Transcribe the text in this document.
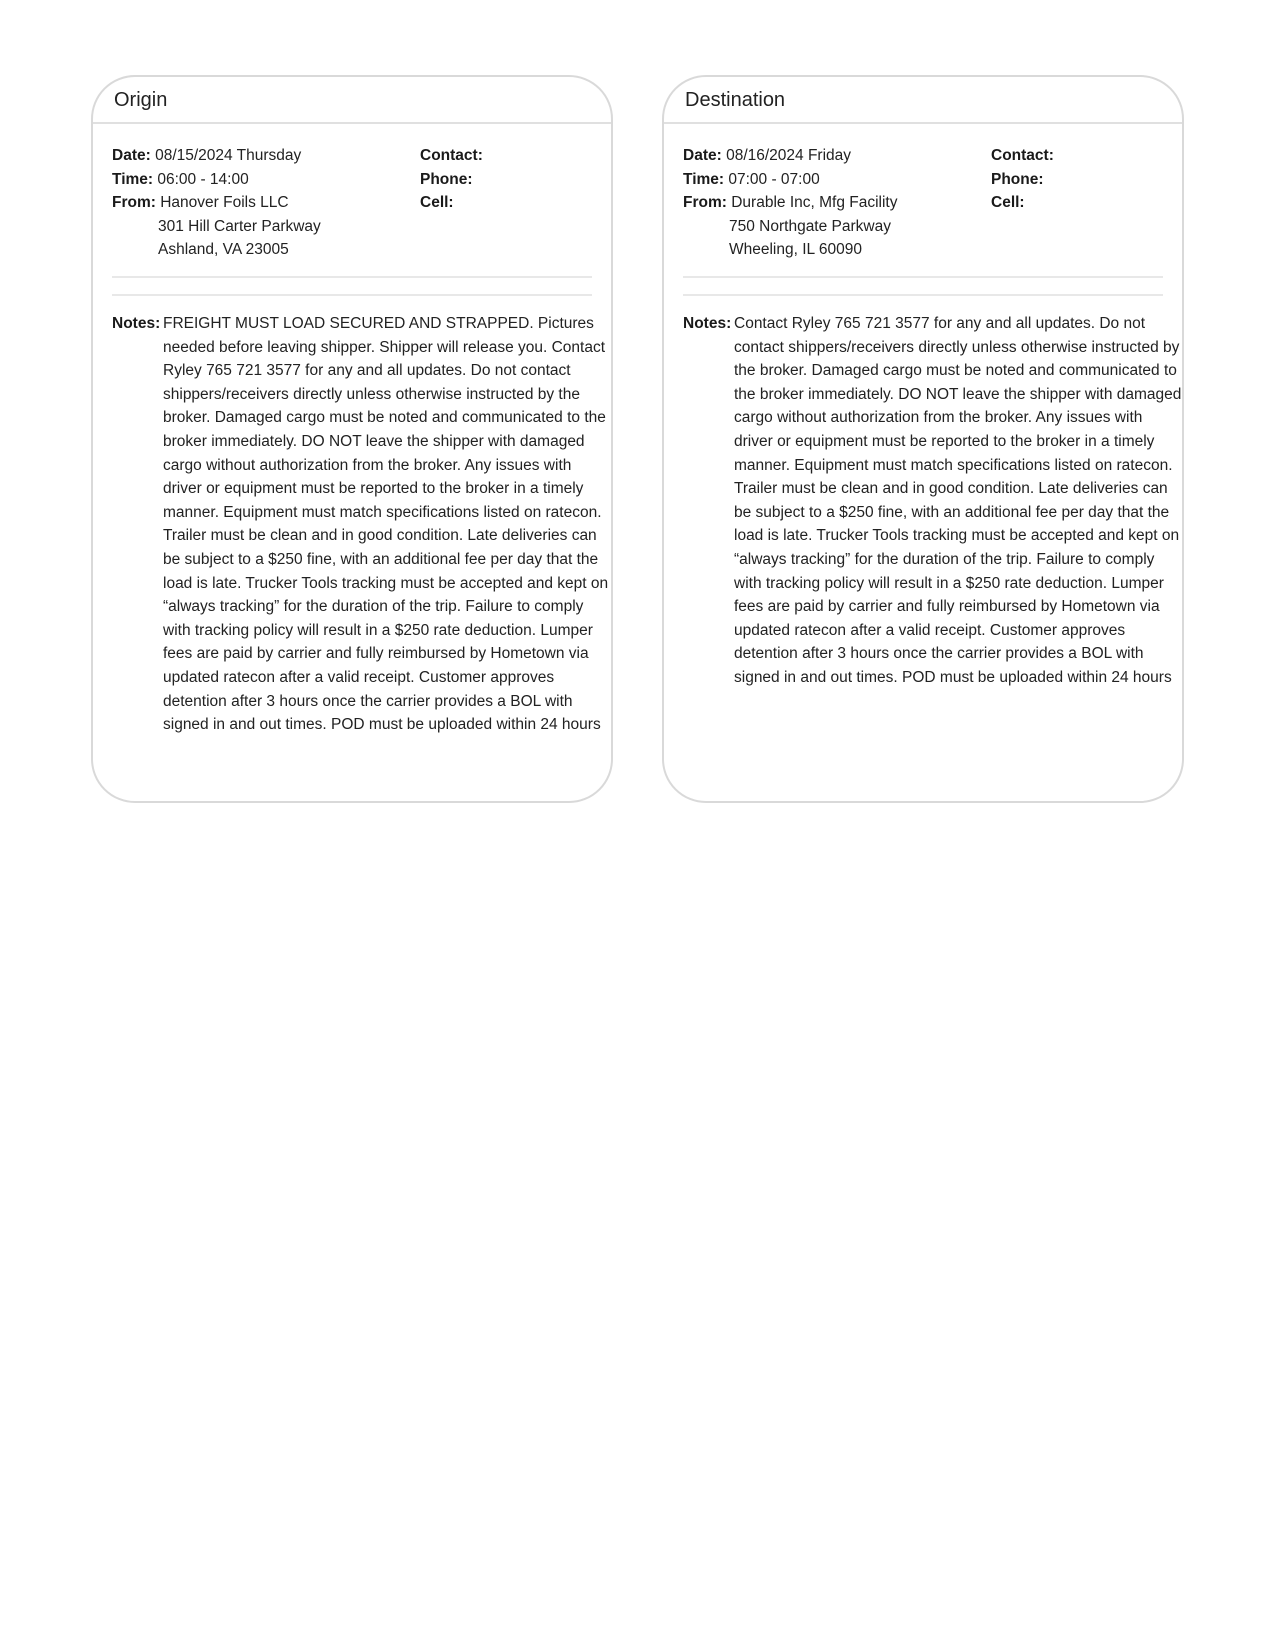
Origin
Date: 08/15/2024 Thursday
Time: 06:00 - 14:00
From: Hanover Foils LLC
301 Hill Carter Parkway
Ashland, VA 23005
Contact:
Phone:
Cell:
Notes: FREIGHT MUST LOAD SECURED AND STRAPPED. Pictures needed before leaving shipper. Shipper will release you. Contact Ryley 765 721 3577 for any and all updates. Do not contact shippers/receivers directly unless otherwise instructed by the broker. Damaged cargo must be noted and communicated to the broker immediately. DO NOT leave the shipper with damaged cargo without authorization from the broker. Any issues with driver or equipment must be reported to the broker in a timely manner. Equipment must match specifications listed on ratecon. Trailer must be clean and in good condition. Late deliveries can be subject to a $250 fine, with an additional fee per day that the load is late. Trucker Tools tracking must be accepted and kept on “always tracking” for the duration of the trip. Failure to comply with tracking policy will result in a $250 rate deduction. Lumper fees are paid by carrier and fully reimbursed by Hometown via updated ratecon after a valid receipt. Customer approves detention after 3 hours once the carrier provides a BOL with signed in and out times. POD must be uploaded within 24 hours
Destination
Date: 08/16/2024 Friday
Time: 07:00 - 07:00
From: Durable Inc, Mfg Facility
750 Northgate Parkway
Wheeling, IL 60090
Contact:
Phone:
Cell:
Notes: Contact Ryley 765 721 3577 for any and all updates. Do not contact shippers/receivers directly unless otherwise instructed by the broker. Damaged cargo must be noted and communicated to the broker immediately. DO NOT leave the shipper with damaged cargo without authorization from the broker. Any issues with driver or equipment must be reported to the broker in a timely manner. Equipment must match specifications listed on ratecon. Trailer must be clean and in good condition. Late deliveries can be subject to a $250 fine, with an additional fee per day that the load is late. Trucker Tools tracking must be accepted and kept on “always tracking” for the duration of the trip. Failure to comply with tracking policy will result in a $250 rate deduction. Lumper fees are paid by carrier and fully reimbursed by Hometown via updated ratecon after a valid receipt. Customer approves detention after 3 hours once the carrier provides a BOL with signed in and out times. POD must be uploaded within 24 hours
